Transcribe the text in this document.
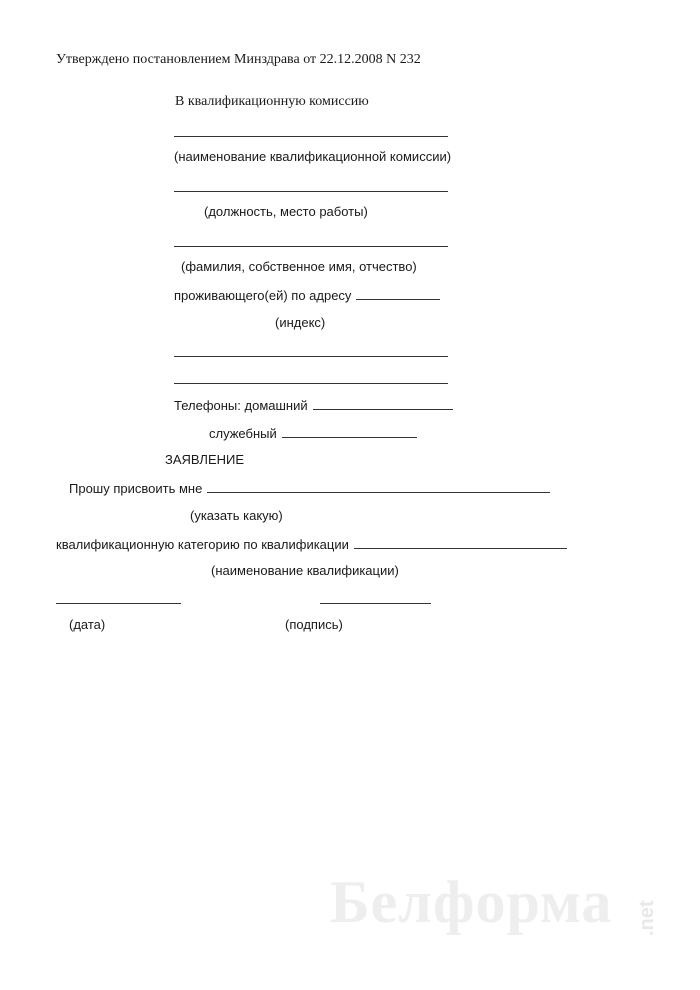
Утверждено постановлением Минздрава от 22.12.2008 N 232
В квалификационную комиссию
(наименование квалификационной комиссии)
(должность, место работы)
(фамилия, собственное имя, отчество)
проживающего(ей) по адресу
(индекс)
Телефоны: домашний
служебный
ЗАЯВЛЕНИЕ
Прошу присвоить мне
(указать какую)
квалификационную категорию по квалификации
(наименование квалификации)
(дата)	(подпись)
Белформа .net
